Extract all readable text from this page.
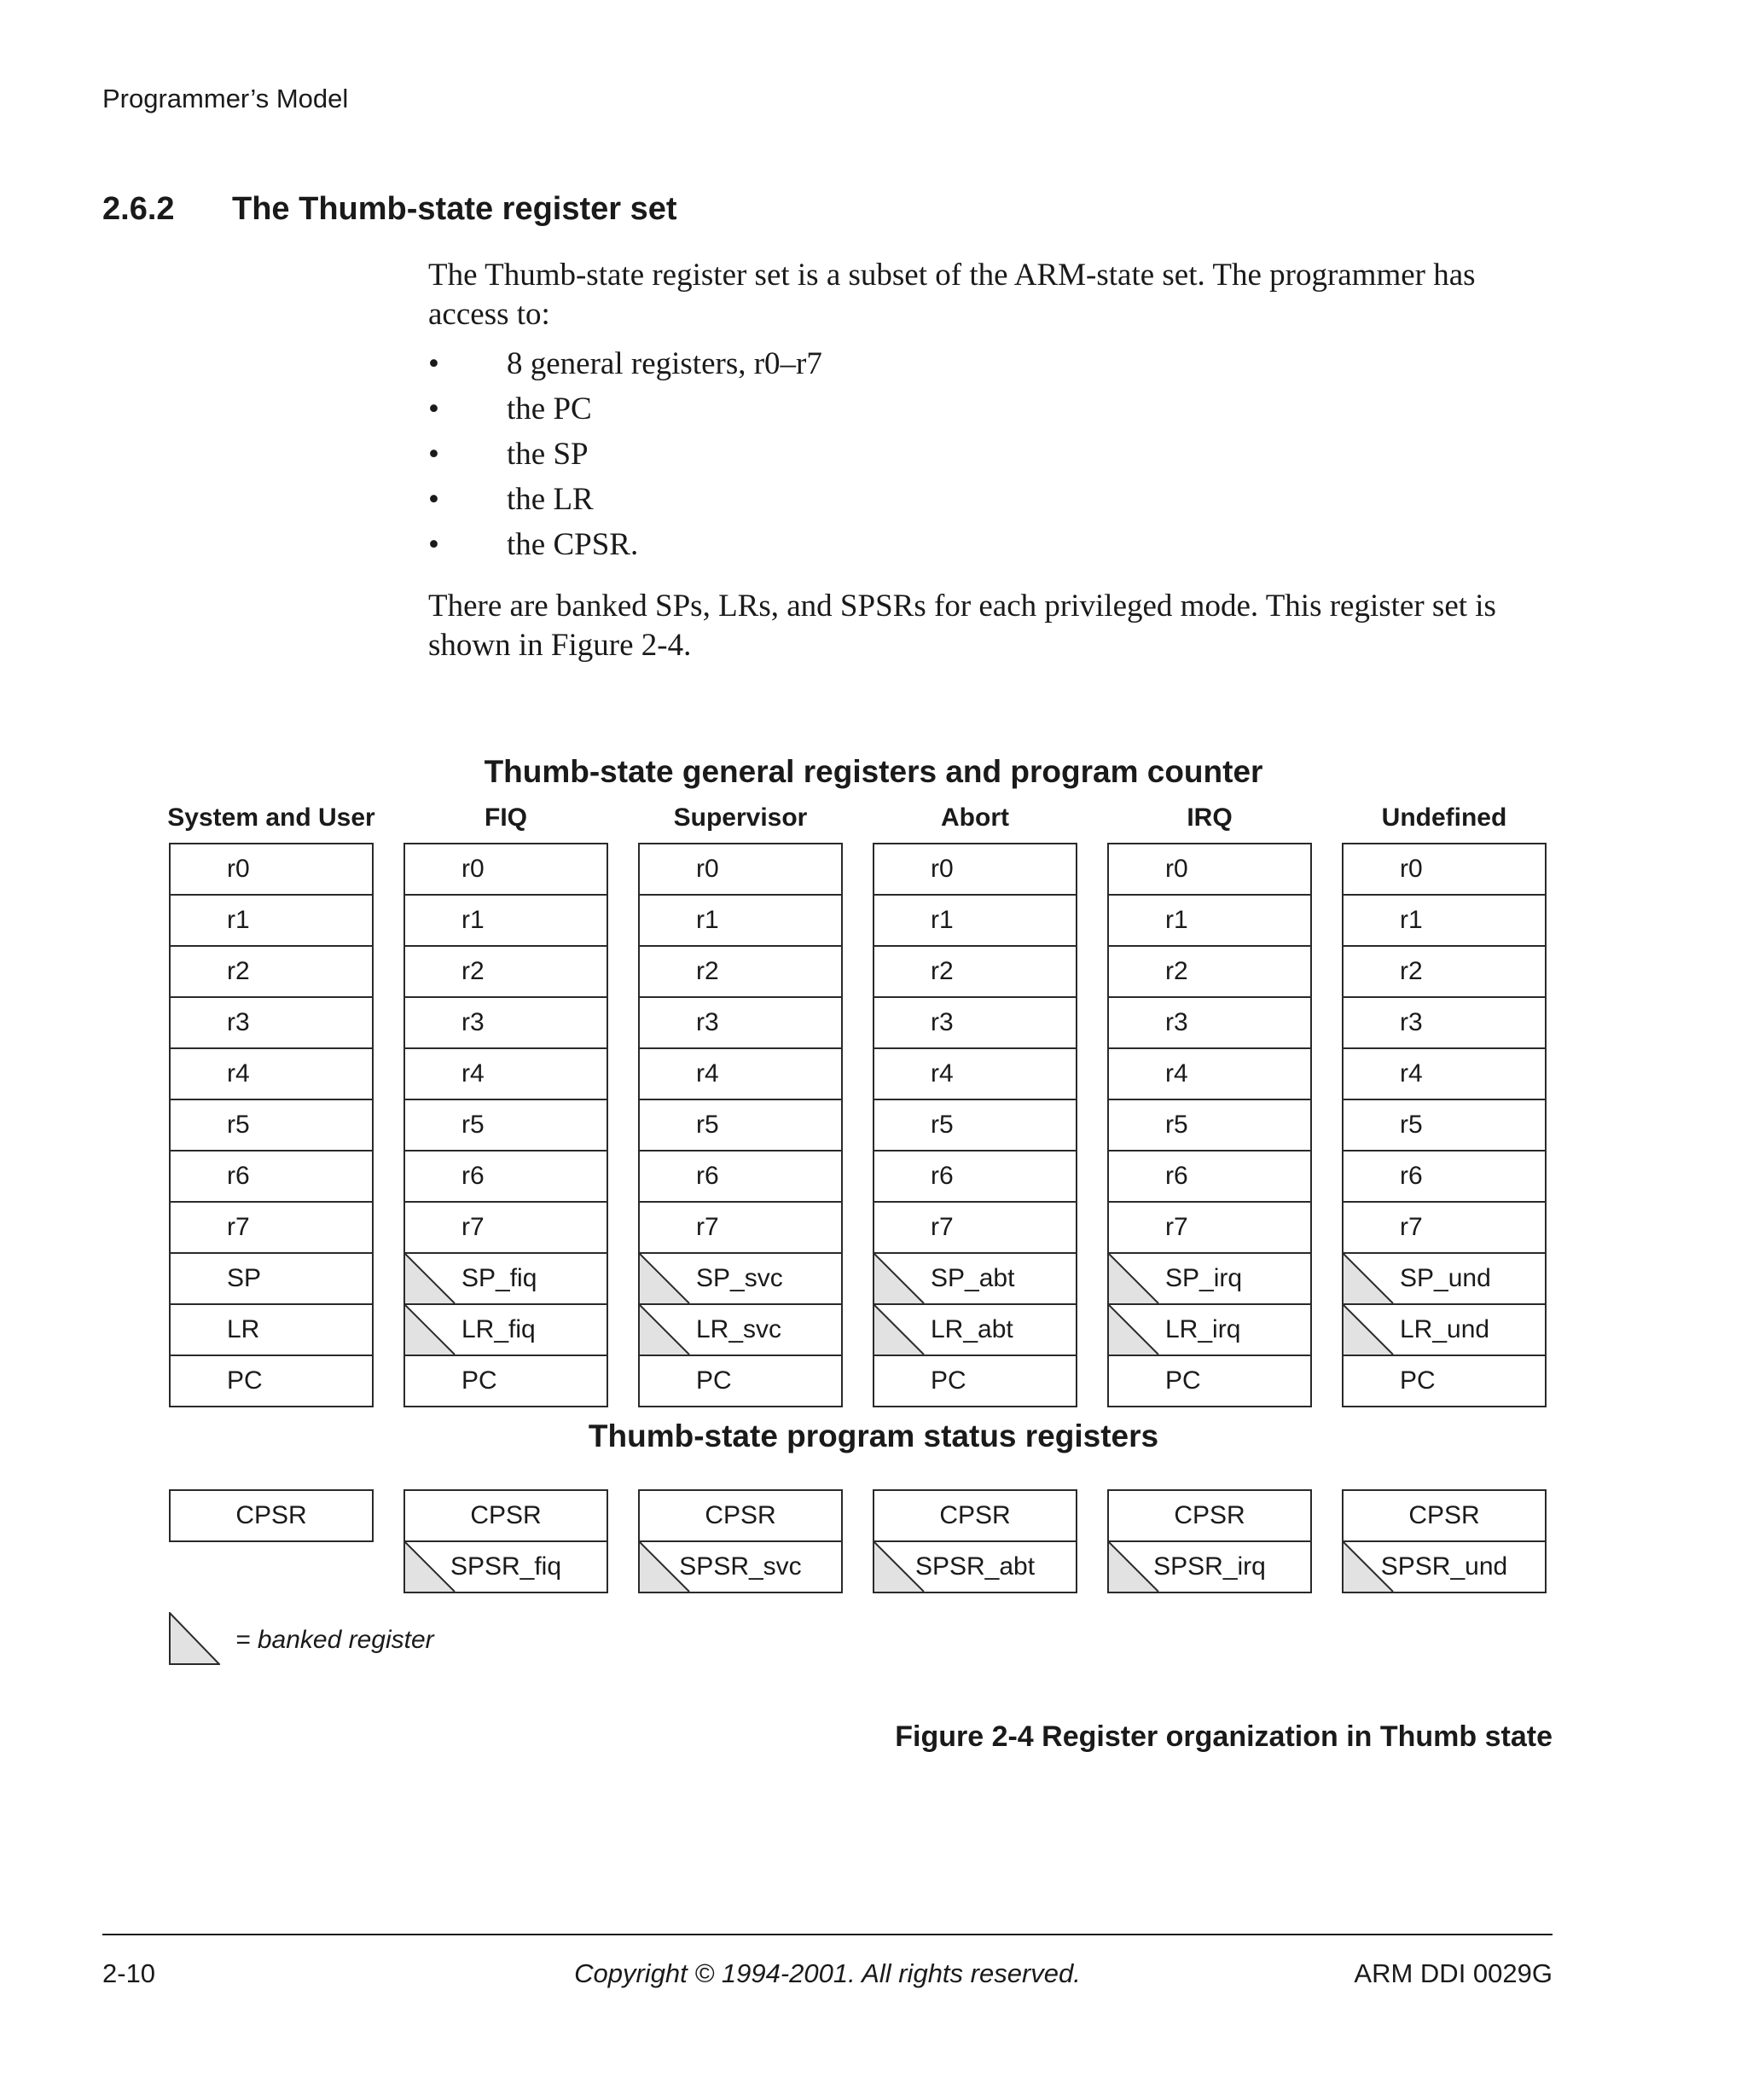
Programmer’s Model
2.6.2 The Thumb-state register set
The Thumb-state register set is a subset of the ARM-state set. The programmer has access to:
• 8 general registers, r0–r7
• the PC
• the SP
• the LR
• the CPSR.
There are banked SPs, LRs, and SPSRs for each privileged mode. This register set is shown in Figure 2-4.
Thumb-state general registers and program counter
System and User
r0
r1
r2
r3
r4
r5
r6
r7
SP
LR
PC
CPSR
FIQ
r0
r1
r2
r3
r4
r5
r6
r7
SP_fiq
LR_fiq
PC
CPSR
SPSR_fiq
Supervisor
r0
r1
r2
r3
r4
r5
r6
r7
SP_svc
LR_svc
PC
CPSR
SPSR_svc
Abort
r0
r1
r2
r3
r4
r5
r6
r7
SP_abt
LR_abt
PC
CPSR
SPSR_abt
IRQ
r0
r1
r2
r3
r4
r5
r6
r7
SP_irq
LR_irq
PC
CPSR
SPSR_irq
Undefined
r0
r1
r2
r3
r4
r5
r6
r7
SP_und
LR_und
PC
CPSR
SPSR_und
Thumb-state program status registers
= banked register
Figure 2-4 Register organization in Thumb state
2-10	Copyright © 1994-2001. All rights reserved.	ARM DDI 0029G
